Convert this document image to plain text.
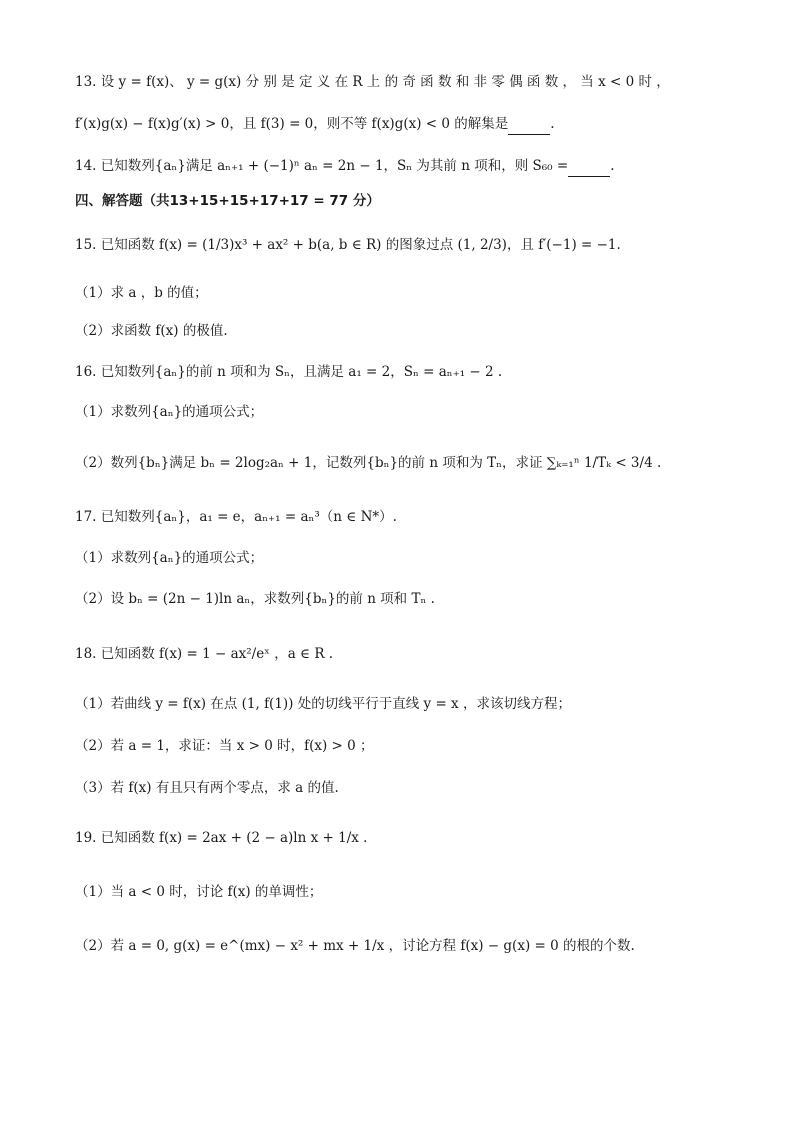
13. 设 y = f(x)、 y = g(x) 分 别 是 定 义 在 R 上 的 奇 函 数 和 非 零 偶 函 数 ， 当 x < 0 时 ，
f′(x)g(x) − f(x)g′(x) > 0，且 f(3) = 0，则不等 f(x)g(x) < 0 的解集是	.
14. 已知数列{aₙ}满足 aₙ₊₁ + (−1)ⁿ aₙ = 2n − 1，Sₙ 为其前 n 项和，则 S₆₀ =	.
四、解答题（共13+15+15+17+17 = 77 分）
15. 已知函数 f(x) = (1/3)x³ + ax² + b(a, b ∈ R) 的图象过点 (1, 2/3)，且 f′(−1) = −1.
（1）求 a ，b 的值；
（2）求函数 f(x) 的极值.
16. 已知数列{aₙ}的前 n 项和为 Sₙ，且满足 a₁ = 2，Sₙ = aₙ₊₁ − 2 .
（1）求数列{aₙ}的通项公式；
（2）数列{bₙ}满足 bₙ = 2log₂aₙ + 1，记数列{bₙ}的前 n 项和为 Tₙ，求证 ∑ₖ₌₁ⁿ 1/Tₖ < 3/4 .
17. 已知数列{aₙ}，a₁ = e，aₙ₊₁ = aₙ³（n ∈ N*）.
（1）求数列{aₙ}的通项公式；
（2）设 bₙ = (2n − 1)ln aₙ，求数列{bₙ}的前 n 项和 Tₙ .
18. 已知函数 f(x) = 1 − ax²/eˣ ，a ∈ R .
（1）若曲线 y = f(x) 在点 (1, f(1)) 处的切线平行于直线 y = x ，求该切线方程；
（2）若 a = 1，求证：当 x > 0 时，f(x) > 0 ；
（3）若 f(x) 有且只有两个零点，求 a 的值.
19. 已知函数 f(x) = 2ax + (2 − a)ln x + 1/x .
（1）当 a < 0 时，讨论 f(x) 的单调性；
（2）若 a = 0, g(x) = e^(mx) − x² + mx + 1/x ，讨论方程 f(x) − g(x) = 0 的根的个数.
